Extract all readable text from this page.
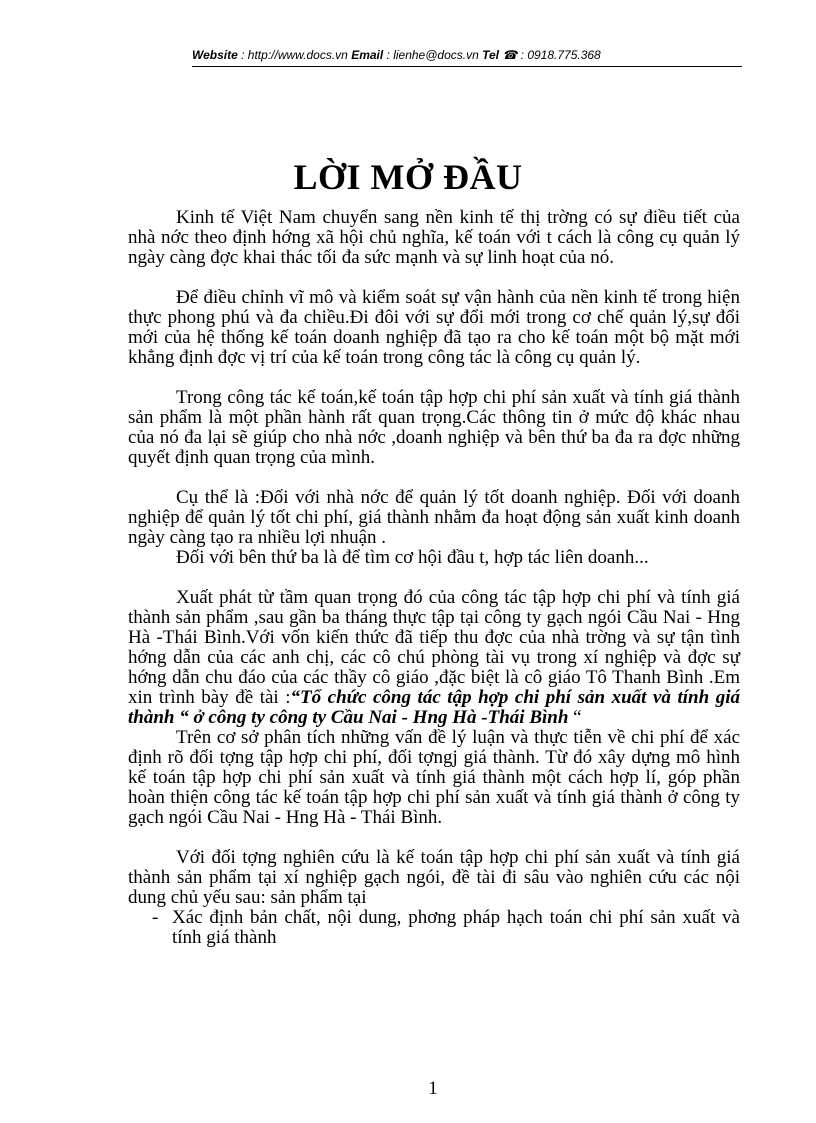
Website : http://www.docs.vn Email : lienhe@docs.vn Tel ☎ : 0918.775.368
LỜI MỞ ĐẦU

Kinh tế Việt Nam chuyển sang nền kinh tế thị trờng có sự điều tiết của nhà nớc theo định hớng xã hội chủ nghĩa, kế toán với t cách là công cụ quản lý ngày càng đợc khai thác tối đa sức mạnh và sự linh hoạt của nó.

Để điều chỉnh vĩ mô và kiểm soát sự vận hành của nền kinh tế trong hiện thực phong phú và đa chiều.Đi đôi với sự đổi mới trong cơ chế quản lý,sự đổi mới của hệ thống kế toán doanh nghiệp đã tạo ra cho kế toán một bộ mặt mới khẳng định đợc vị trí của kế toán trong công tác là công cụ quản lý.

Trong công tác kế toán,kế toán tập hợp chi phí sản xuất và tính giá thành sản phẩm là một phần hành rất quan trọng.Các thông tin ở mức độ khác nhau của nó đa lại sẽ giúp cho nhà nớc ,doanh nghiệp và bên thứ ba đa ra đợc những quyết định quan trọng của mình.

Cụ thể là :Đối với nhà nớc để quản lý tốt doanh nghiệp. Đối với doanh nghiệp để quản lý tốt chi phí, giá thành nhằm đa hoạt động sản xuất kinh doanh ngày càng tạo ra nhiều lợi nhuận .

Đối với bên thứ ba là để tìm cơ hội đầu t, hợp tác liên doanh...

Xuất phát từ tầm quan trọng đó của công tác tập hợp chi phí và tính giá thành sản phẩm ,sau gần ba tháng thực tập tại công ty gạch ngói Cầu Nai - Hng Hà -Thái Bình.Với vốn kiến thức đã tiếp thu đợc của nhà trờng và sự tận tình hớng dẫn của các anh chị, các cô chú phòng tài vụ trong xí nghiệp và đợc sự hớng dẫn chu đáo của các thầy cô giáo ,đặc biệt là cô giáo Tô Thanh Bình .Em xin trình bày đề tài :“Tổ chức công tác tập hợp chi phí sản xuất và tính giá thành “ ở công ty công ty Cầu Nai - Hng Hà -Thái Bình “

Trên cơ sở phân tích những vấn đề lý luận và thực tiễn về chi phí để xác định rõ đối tợng tập hợp chi phí, đối tợngj giá thành. Từ đó xây dựng mô hình kế toán tập hợp chi phí sản xuất và tính giá thành một cách hợp lí, góp phần hoàn thiện công tác kế toán tập hợp chi phí sản xuất và tính giá thành ở công ty gạch ngói Cầu Nai - Hng Hà - Thái Bình.

Với đối tợng nghiên cứu là kế toán tập hợp chi phí sản xuất và tính giá thành sản phẩm tại xí nghiệp gạch ngói, đề tài đi sâu vào nghiên cứu các nội dung chủ yếu sau: sản phẩm tại

- Xác định bản chất, nội dung, phơng pháp hạch toán chi phí sản xuất và tính giá thành
1
